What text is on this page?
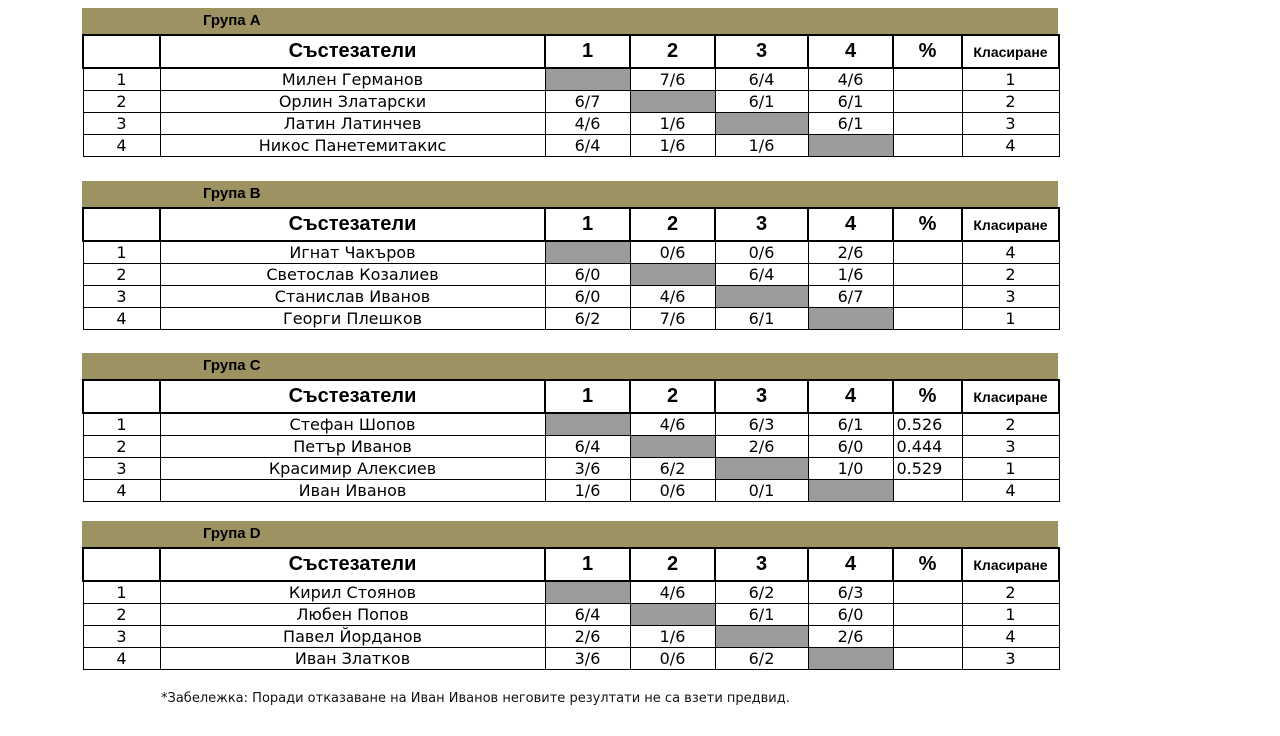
Група А
	Състезатели	1	2	3	4	%	Класиране
1	Милен Германов		7/6	6/4	4/6		1
2	Орлин Златарски	6/7		6/1	6/1		2
3	Латин Латинчев	4/6	1/6		6/1		3
4	Никос Панетемитакис	6/4	1/6	1/6			4
Група В
	Състезатели	1	2	3	4	%	Класиране
1	Игнат Чакъров		0/6	0/6	2/6		4
2	Светослав Козалиев	6/0		6/4	1/6		2
3	Станислав Иванов	6/0	4/6		6/7		3
4	Георги Плешков	6/2	7/6	6/1			1
Група С
	Състезатели	1	2	3	4	%	Класиране
1	Стефан Шопов		4/6	6/3	6/1	0.526	2
2	Петър Иванов	6/4		2/6	6/0	0.444	3
3	Красимир Алексиев	3/6	6/2		1/0	0.529	1
4	Иван Иванов	1/6	0/6	0/1			4
Група D
	Състезатели	1	2	3	4	%	Класиране
1	Кирил Стоянов		4/6	6/2	6/3		2
2	Любен Попов	6/4		6/1	6/0		1
3	Павел Йорданов	2/6	1/6		2/6		4
4	Иван Златков	3/6	0/6	6/2			3
*Забележка: Поради отказаване на Иван Иванов неговите резултати не са взети предвид.
